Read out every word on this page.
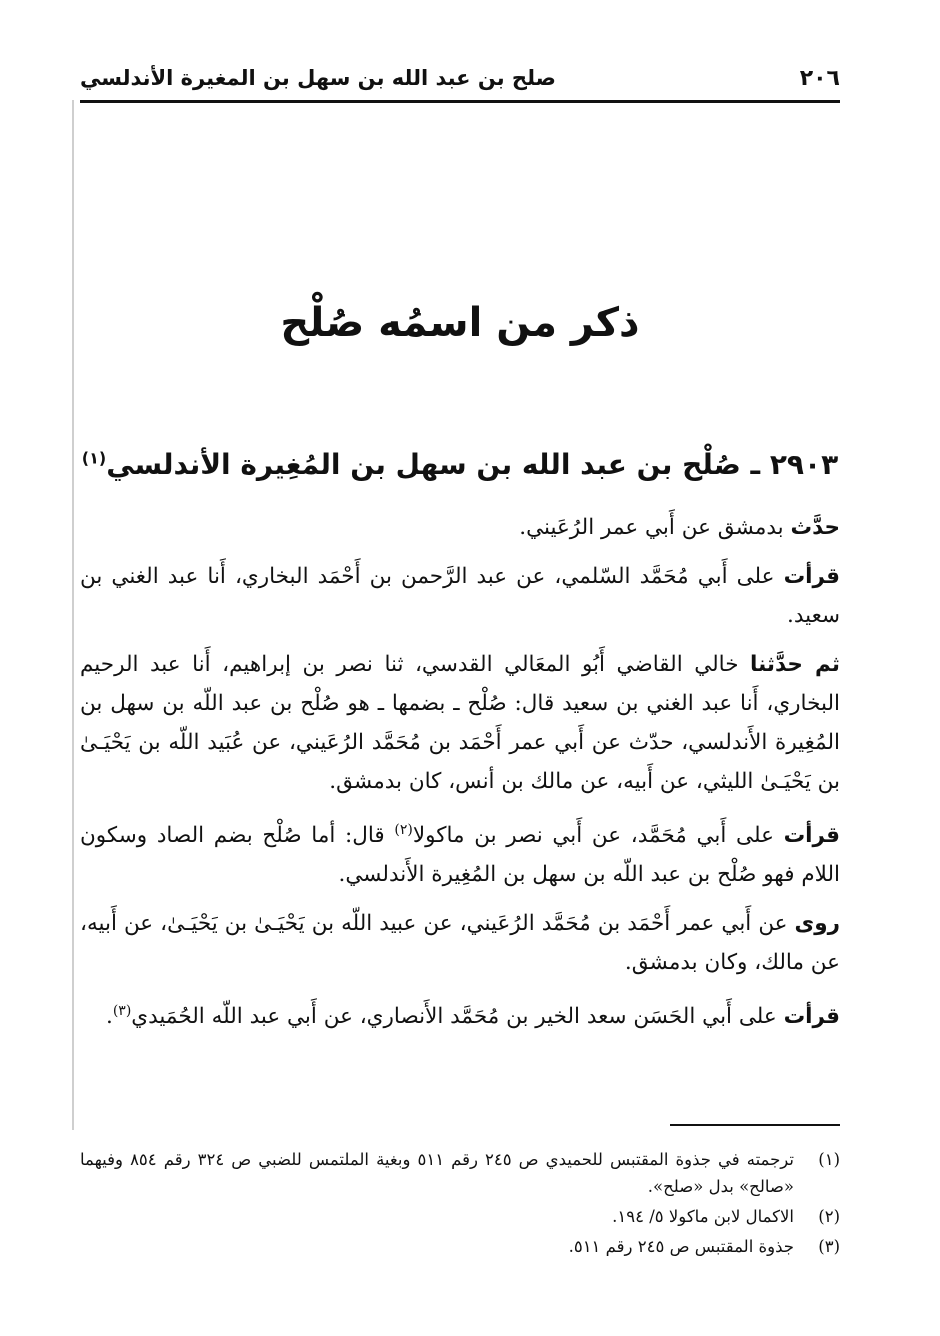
٢٠٦
صلح بن عبد الله بن سهل بن المغيرة الأندلسي
ذكر من اسمُه صُلْح
٢٩٠٣ ـ صُلْح بن عبد الله بن سهل بن المُغِيرة الأندلسي$^{(١)}$

حدَّث بدمشق عن أَبي عمر الرُعَيني.

قرأت على أَبي مُحَمَّد السّلمي، عن عبد الرَّحمن بن أَحْمَد البخاري، أَنا عبد الغني بن سعيد.

ثم حدَّثنا خالي القاضي أَبُو المعَالي القدسي، ثنا نصر بن إبراهيم، أَنا عبد الرحيم البخاري، أَنا عبد الغني بن سعيد قال: صُلْح ـ بضمها ـ هو صُلْح بن عبد اللّه بن سهل بن المُغِيرة الأَندلسي، حدّث عن أَبي عمر أَحْمَد بن مُحَمَّد الرُعَيني، عن عُبَيد اللّه بن يَحْيَـىٰ بن يَحْيَـىٰ الليثي، عن أَبيه، عن مالك بن أنس، كان بدمشق.

قرأت على أَبي مُحَمَّد، عن أَبي نصر بن ماكولا$^{(٢)}$ قال: أما صُلْح بضم الصاد وسكون اللام فهو صُلْح بن عبد اللّه بن سهل بن المُغِيرة الأَندلسي.

روى عن أَبي عمر أَحْمَد بن مُحَمَّد الرُعَيني، عن عبيد اللّه بن يَحْيَـىٰ بن يَحْيَـىٰ، عن أَبيه، عن مالك، وكان بدمشق.

قرأت على أَبي الحَسَن سعد الخير بن مُحَمَّد الأَنصاري، عن أَبي عبد اللّه الحُمَيدي$^{(٣)}$.

(١)
ترجمته في جذوة المقتبس للحميدي ص ٢٤٥ رقم ٥١١ وبغية الملتمس للضبي ص ٣٢٤ رقم ٨٥٤ وفيهما «صالح» بدل «صلح».
(٢)
الاكمال لابن ماكولا ٥/ ١٩٤.
(٣)
جذوة المقتبس ص ٢٤٥ رقم ٥١١.
